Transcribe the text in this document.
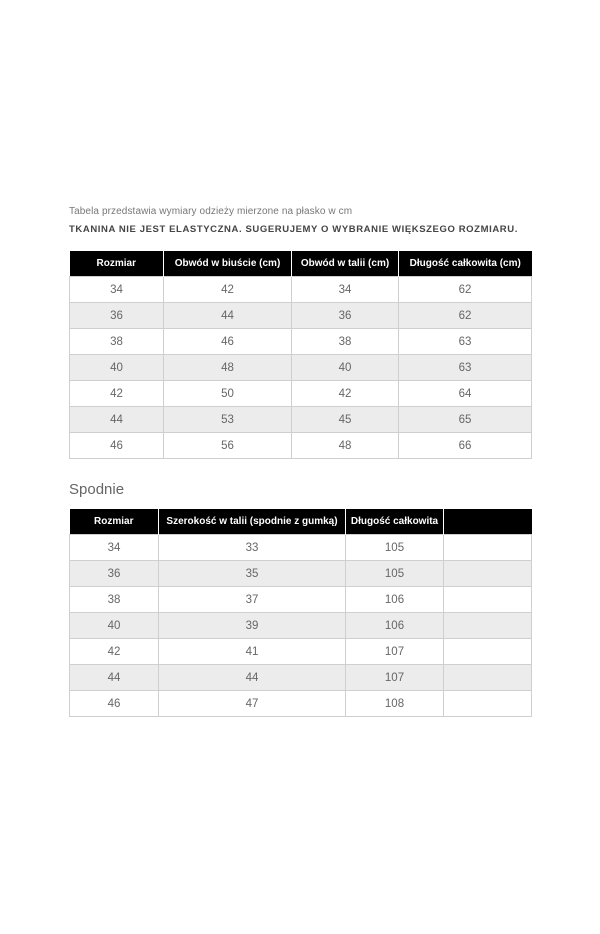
Tabela przedstawia wymiary odzieży mierzone na płasko w cm
TKANINA NIE JEST ELASTYCZNA. SUGERUJEMY O WYBRANIE WIĘKSZEGO ROZMIARU.
Rozmiar	Obwód w biuście (cm)	Obwód w talii (cm)	Długość całkowita (cm)
34	42	34	62
36	44	36	62
38	46	38	63
40	48	40	63
42	50	42	64
44	53	45	65
46	56	48	66
Spodnie
Rozmiar	Szerokość w talii (spodnie z gumką)	Długość całkowita	
34	33	105	
36	35	105	
38	37	106	
40	39	106	
42	41	107	
44	44	107	
46	47	108	
